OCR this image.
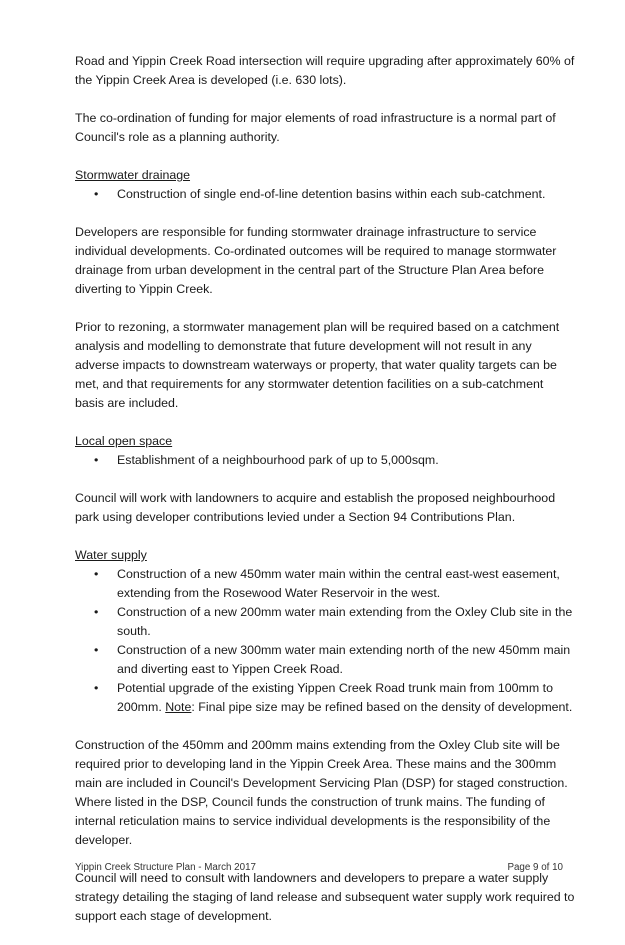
Road and Yippin Creek Road intersection will require upgrading after approximately 60% of the Yippin Creek Area is developed (i.e. 630 lots).

The co-ordination of funding for major elements of road infrastructure is a normal part of Council's role as a planning authority.

Stormwater drainage

• Construction of single end-of-line detention basins within each sub-catchment.

Developers are responsible for funding stormwater drainage infrastructure to service individual developments. Co-ordinated outcomes will be required to manage stormwater drainage from urban development in the central part of the Structure Plan Area before diverting to Yippin Creek.

Prior to rezoning, a stormwater management plan will be required based on a catchment analysis and modelling to demonstrate that future development will not result in any adverse impacts to downstream waterways or property, that water quality targets can be met, and that requirements for any stormwater detention facilities on a sub-catchment basis are included.

Local open space

• Establishment of a neighbourhood park of up to 5,000sqm.

Council will work with landowners to acquire and establish the proposed neighbourhood park using developer contributions levied under a Section 94 Contributions Plan.

Water supply

• Construction of a new 450mm water main within the central east-west easement, extending from the Rosewood Water Reservoir in the west.
• Construction of a new 200mm water main extending from the Oxley Club site in the south.
• Construction of a new 300mm water main extending north of the new 450mm main and diverting east to Yippen Creek Road.
• Potential upgrade of the existing Yippen Creek Road trunk main from 100mm to 200mm. Note: Final pipe size may be refined based on the density of development.

Construction of the 450mm and 200mm mains extending from the Oxley Club site will be required prior to developing land in the Yippin Creek Area. These mains and the 300mm main are included in Council's Development Servicing Plan (DSP) for staged construction. Where listed in the DSP, Council funds the construction of trunk mains. The funding of internal reticulation mains to service individual developments is the responsibility of the developer.

Council will need to consult with landowners and developers to prepare a water supply strategy detailing the staging of land release and subsequent water supply work required to support each stage of development.

Yippin Creek Structure Plan - March 2017	Page 9 of 10
